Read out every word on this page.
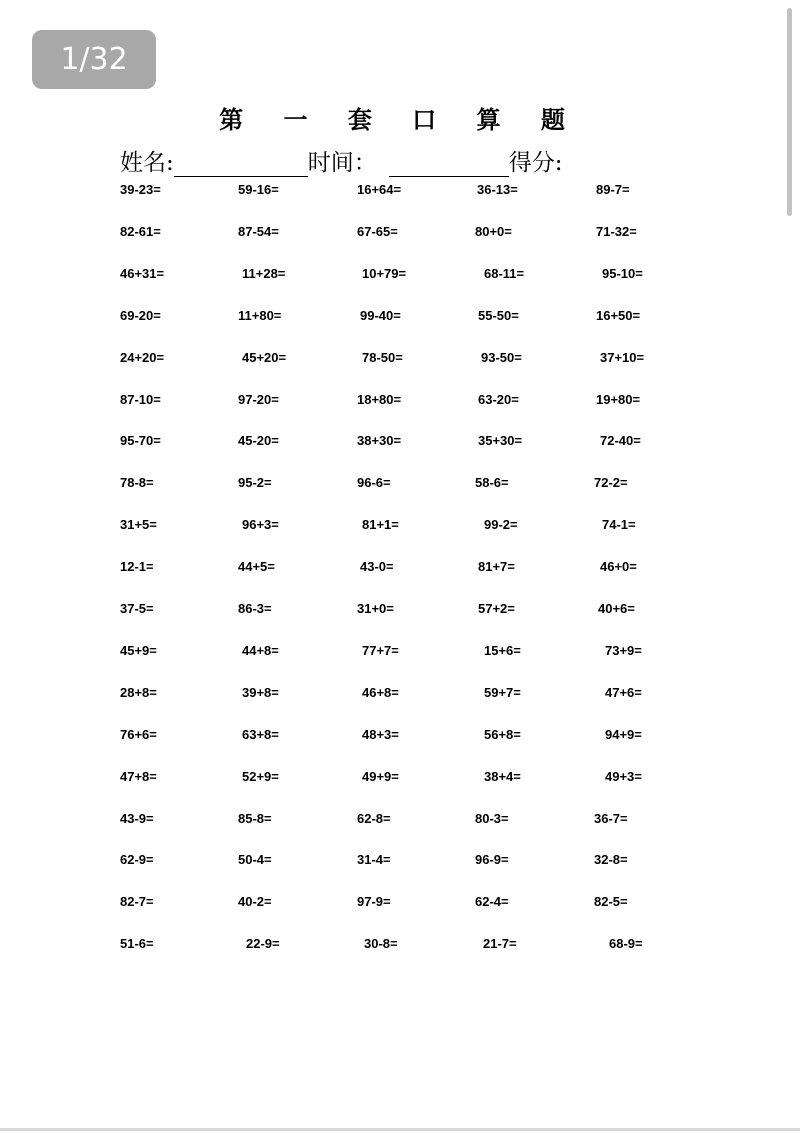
1/32
第 一 套 口 算 题
姓名:	时间：	得分:
39-23=	59-16=	16+64=	36-13=	89-7=
82-61=	87-54=	67-65=	80+0=	71-32=
46+31=	11+28=	10+79=	68-11=	95-10=
69-20=	11+80=	99-40=	55-50=	16+50=
24+20=	45+20=	78-50=	93-50=	37+10=
87-10=	97-20=	18+80=	63-20=	19+80=
95-70=	45-20=	38+30=	35+30=	72-40=
78-8=	95-2=	96-6=	58-6=	72-2=
31+5=	96+3=	81+1=	99-2=	74-1=
12-1=	44+5=	43-0=	81+7=	46+0=
37-5=	86-3=	31+0=	57+2=	40+6=
45+9=	44+8=	77+7=	15+6=	73+9=
28+8=	39+8=	46+8=	59+7=	47+6=
76+6=	63+8=	48+3=	56+8=	94+9=
47+8=	52+9=	49+9=	38+4=	49+3=
43-9=	85-8=	62-8=	80-3=	36-7=
62-9=	50-4=	31-4=	96-9=	32-8=
82-7=	40-2=	97-9=	62-4=	82-5=
51-6=	22-9=	30-8=	21-7=	68-9=
